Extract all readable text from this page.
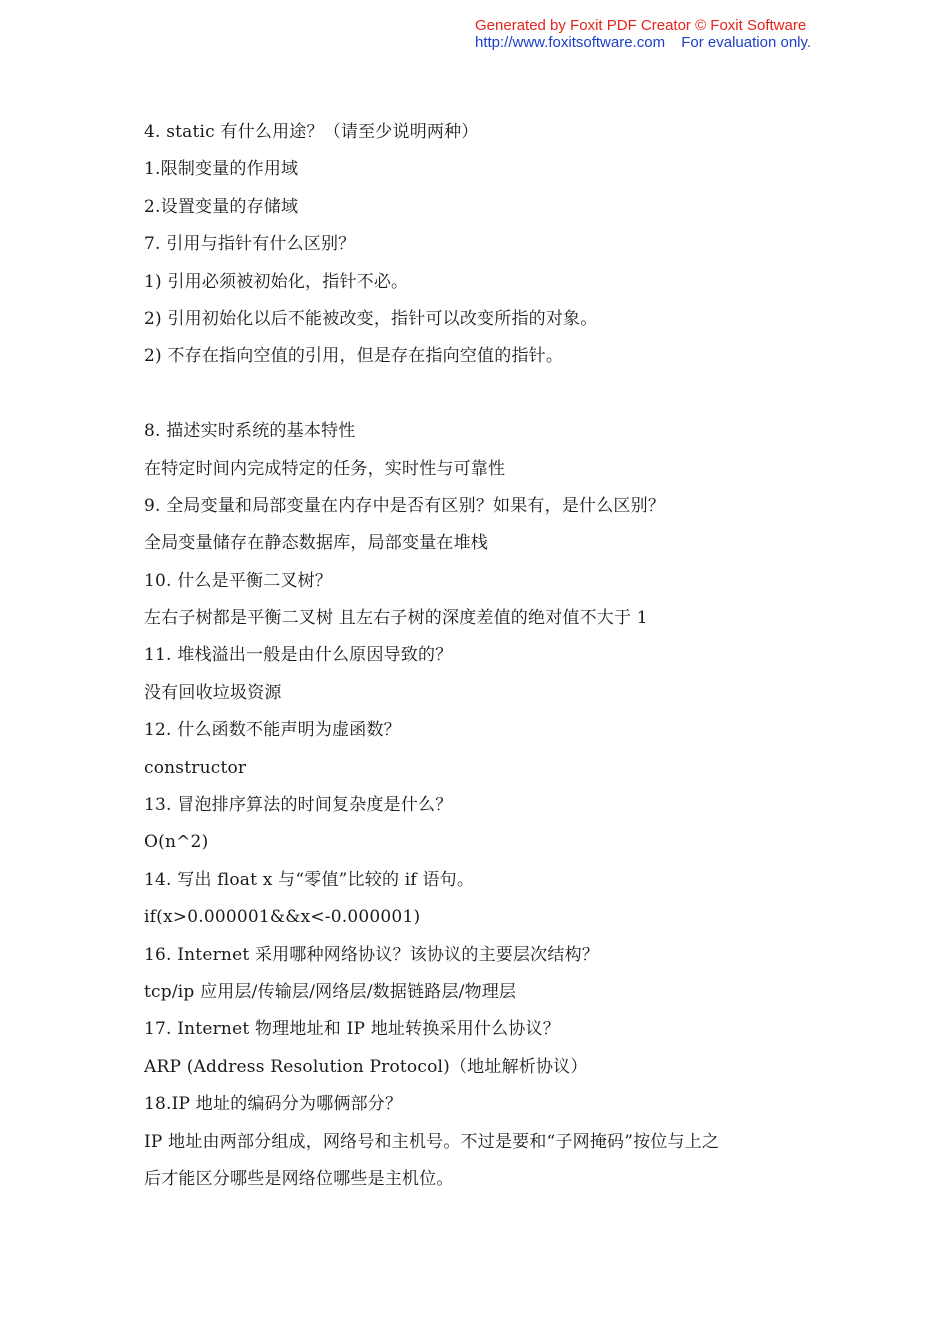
Generated by Foxit PDF Creator © Foxit Software
http://www.foxitsoftware.com For evaluation only.
4. static 有什么用途？（请至少说明两种）
1.限制变量的作用域
2.设置变量的存储域
7. 引用与指针有什么区别？
1) 引用必须被初始化，指针不必。
2) 引用初始化以后不能被改变，指针可以改变所指的对象。
2) 不存在指向空值的引用，但是存在指向空值的指针。
8. 描述实时系统的基本特性
在特定时间内完成特定的任务，实时性与可靠性
9. 全局变量和局部变量在内存中是否有区别？如果有，是什么区别？
全局变量储存在静态数据库，局部变量在堆栈
10. 什么是平衡二叉树？
左右子树都是平衡二叉树 且左右子树的深度差值的绝对值不大于 1
11. 堆栈溢出一般是由什么原因导致的？
没有回收垃圾资源
12. 什么函数不能声明为虚函数？
constructor
13. 冒泡排序算法的时间复杂度是什么？
O(n^2)
14. 写出 float x 与“零值”比较的 if 语句。
if(x>0.000001&&x<-0.000001)
16. Internet 采用哪种网络协议？该协议的主要层次结构？
tcp/ip 应用层/传输层/网络层/数据链路层/物理层
17. Internet 物理地址和 IP 地址转换采用什么协议？
ARP (Address Resolution Protocol)（地址解析协议）
18.IP 地址的编码分为哪俩部分？
IP 地址由两部分组成，网络号和主机号。不过是要和“子网掩码”按位与上之
后才能区分哪些是网络位哪些是主机位。
